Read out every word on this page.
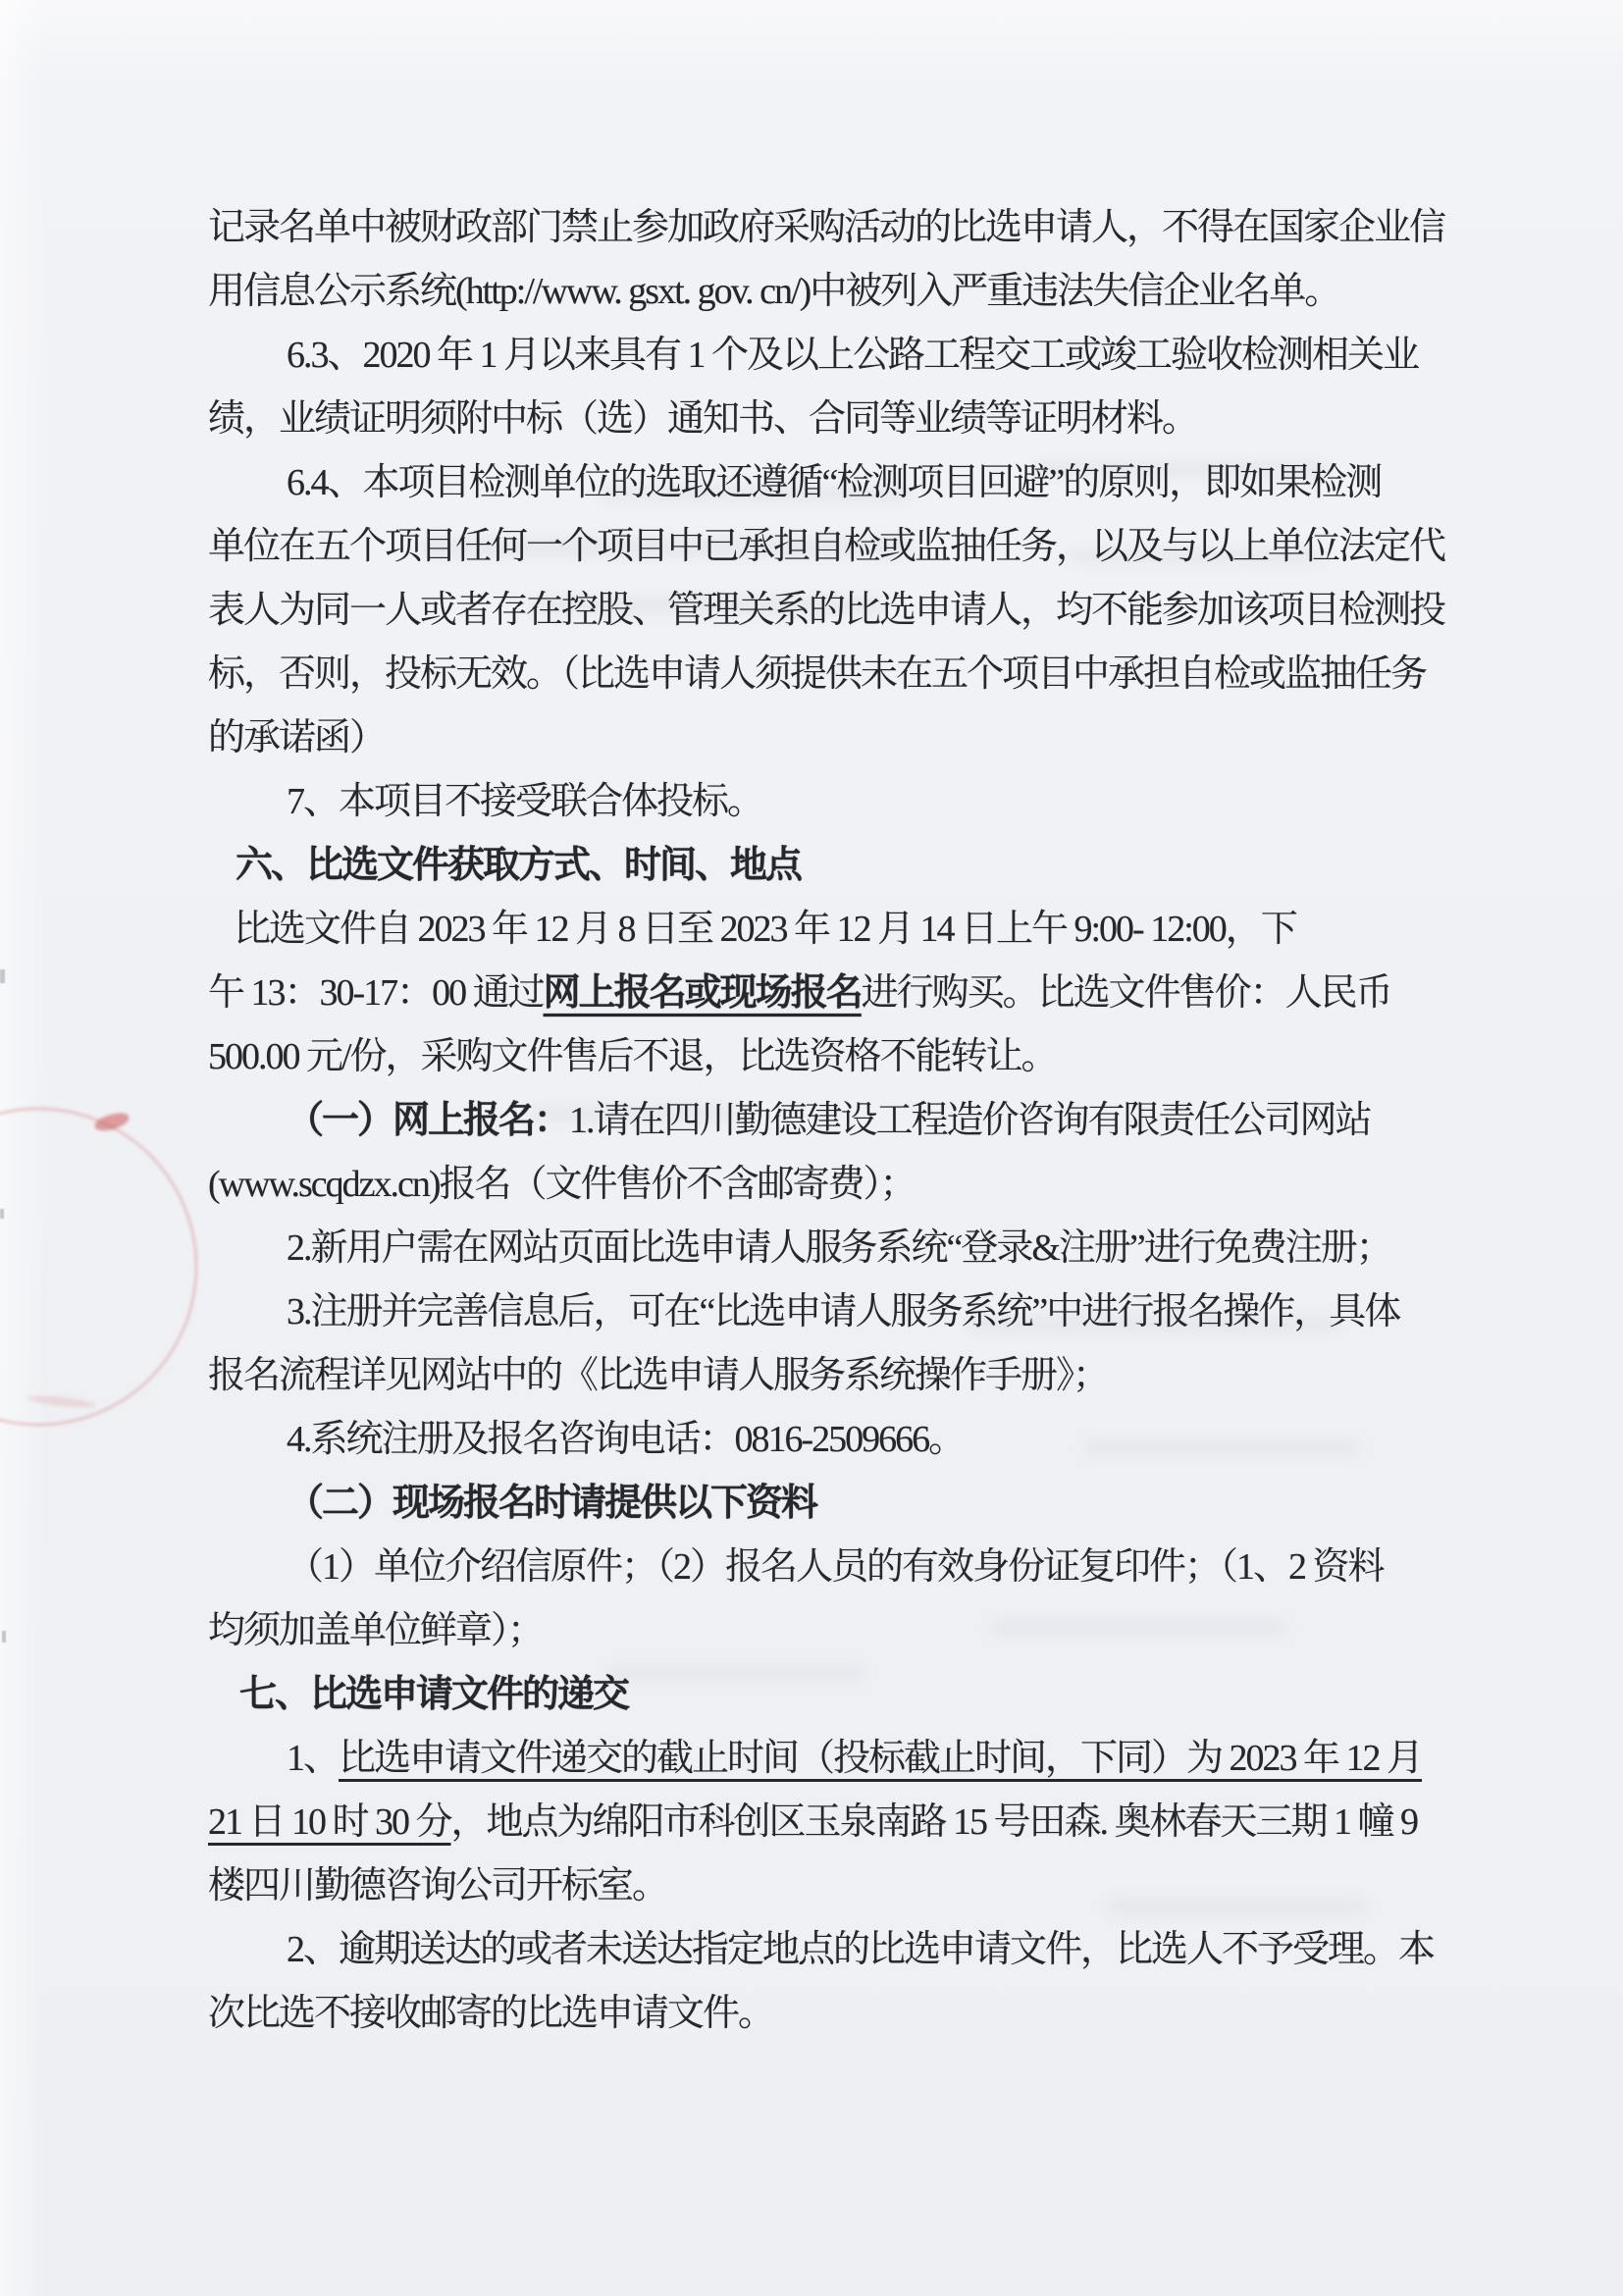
记录名单中被财政部门禁止参加政府采购活动的比选申请人，不得在国家企业信
用信息公示系统(http://www. gsxt. gov. cn/)中被列入严重违法失信企业名单。
6.3、2020 年 1 月以来具有 1 个及以上公路工程交工或竣工验收检测相关业
绩，业绩证明须附中标（选）通知书、合同等业绩等证明材料。
6.4、本项目检测单位的选取还遵循“检测项目回避”的原则，即如果检测
单位在五个项目任何一个项目中已承担自检或监抽任务，以及与以上单位法定代
表人为同一人或者存在控股、管理关系的比选申请人，均不能参加该项目检测投
标，否则，投标无效。（比选申请人须提供未在五个项目中承担自检或监抽任务
的承诺函）
7、本项目不接受联合体投标。
六、比选文件获取方式、时间、地点
比选文件自 2023 年 12 月 8 日至 2023 年 12 月 14 日上午 9:00- 12:00，下
午 13：30-17：00 通过网上报名或现场报名进行购买。比选文件售价：人民币
500.00 元/份，采购文件售后不退，比选资格不能转让。
（一）网上报名：1.请在四川勤德建设工程造价咨询有限责任公司网站
(www.scqdzx.cn)报名（文件售价不含邮寄费）；
2.新用户需在网站页面比选申请人服务系统“登录&注册”进行免费注册；
3.注册并完善信息后，可在“比选申请人服务系统”中进行报名操作，具体
报名流程详见网站中的《比选申请人服务系统操作手册》；
4.系统注册及报名咨询电话：0816-2509666。
（二）现场报名时请提供以下资料
（1）单位介绍信原件；（2）报名人员的有效身份证复印件；（1、2 资料
均须加盖单位鲜章）；
七、比选申请文件的递交
1、比选申请文件递交的截止时间（投标截止时间，下同）为 2023 年 12 月
21 日 10 时 30 分，地点为绵阳市科创区玉泉南路 15 号田森. 奥林春天三期 1 幢 9
楼四川勤德咨询公司开标室。
2、逾期送达的或者未送达指定地点的比选申请文件，比选人不予受理。本
次比选不接收邮寄的比选申请文件。
